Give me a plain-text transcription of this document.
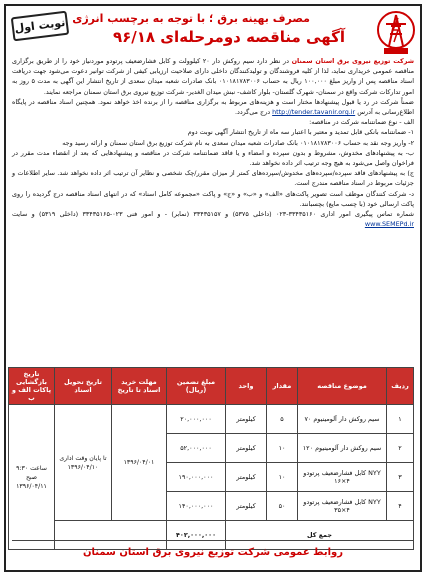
مصرف بهینه برق ؛ با توجه به برچسب انرژی
آگهی مناقصه دومرحله‌ای ۹۶/۱۸
نوبت اول

شرکت توزیع نیروی برق استان سمنان در نظر دارد سیم روکش دار ۲۰ کیلوولت و کابل فشارضعیف پرتودو موردنیاز خود را از طریق برگزاری مناقصه عمومی خریداری نماید، لذا از کلیه فروشندگان و تولیدکنندگان داخلی دارای صلاحیت ارزیابی کیفی از شرکت توانیر دعوت می‌شود جهت دریافت اسناد مناقصه پس از واریز مبلغ ۱۰۰,۰۰۰ ریال به حساب ۰۱۰۱۸۱۷۸۳۰۰۶ بانک صادرات شعبه میدان سعدی از تاریخ انتشار این آگهی به مدت ۵ روز به امور تدارکات شرکت واقع در سمنان- شهرک گلستان- بلوار کاشف- نبش میدان الغدیر- شرکت توزیع نیروی برق استان سمنان مراجعه نمایند.

ضمناً شرکت در رد یا قبول پیشنهادها مختار است و هزینه‌های مربوط به برگزاری مناقصه را از برنده اخذ خواهد نمود. همچنین اسناد مناقصه در پایگاه اطلاع‌رسانی به آدرس http://tender.tavanir.org.ir درج می‌گردد.

الف - نوع ضمانتنامه شرکت در مناقصه:

۱- ضمانتنامه بانکی قابل تمدید و معتبر با اعتبار سه ماه از تاریخ انتشار آگهی نوبت دوم

۲- واریز وجه نقد به حساب ۰۱۰۱۸۱۷۸۳۰۰۶ بانک صادرات شعبه میدان سعدی به نام شرکت توزیع برق استان سمنان و ارائه رسید وجه

ب- به پیشنهادهای مخدوش، مشروط و بدون سپرده و امضاء و یا فاقد ضمانتنامه شرکت در مناقصه و پیشنهادهایی که بعد از انقضاء مدت مقرر در فراخوان واصل می‌شود به هیچ وجه ترتیب اثر داده نخواهد شد.

ج) به پیشنهادهای فاقد سپرده/سپرده‌های مخدوش/سپرده‌های کمتر از میزان مقرر/چک شخصی و نظایر آن ترتیب اثر داده نخواهد شد. سایر اطلاعات و جزئیات مربوط در اسناد مناقصه مندرج است.

د- شرکت کنندگان موظف است تصویر پاکت‌های «الف» و «ب» و «ج» و پاکت «مجموعه کامل اسناد» که در انتهای اسناد مناقصه درج گردیده را روی پاکت ارسالی خود (با چسب مایع) بچسبانند.

شماره تماس پیگیری امور اداری ۳۳۴۳۵۱۶۰-۰۲۳ (داخلی ۵۳۷۵) و ۳۳۴۳۵۱۵۷ (نمابر) - و امور فنی ۰۲۳-۳۳۴۳۵۱۶۵ (داخلی ۵۳۱۹) و سایت www.SEMEPd.ir

ردیف	موضوع مناقصه	مقدار	واحد	مبلغ تضمین (ریال)	مهلت خرید اسناد تا تاریخ	تاریخ تحویل اسناد	تاریخ بازگشایی پاکات الف و ب
۱	سیم روکش دار آلومینیوم ۷۰	۵	کیلومتر	۲۰,۰۰۰,۰۰۰	۱۳۹۶/۰۴/۰۱	تا پایان وقت اداری ۱۳۹۶/۰۴/۱۰	ساعت ۹:۳۰ صبح ۱۳۹۶/۰۴/۱۱
۲	سیم روکش دار آلومینیوم ۱۲۰	۱۰	کیلومتر	۵۲,۰۰۰,۰۰۰			
۳	NYY کابل فشارضعیف پرتودو ۴×۱۶	۱۰	کیلومتر	۱۹۰,۰۰۰,۰۰۰			
۴	NYY کابل فشارضعیف پرتودو ۴×۳۵	۵۰	کیلومتر	۱۴۰,۰۰۰,۰۰۰			
جمع کل				۴۰۲,۰۰۰,۰۰۰			
روابط عمومی شرکت توزیع نیروی برق استان سمنان
